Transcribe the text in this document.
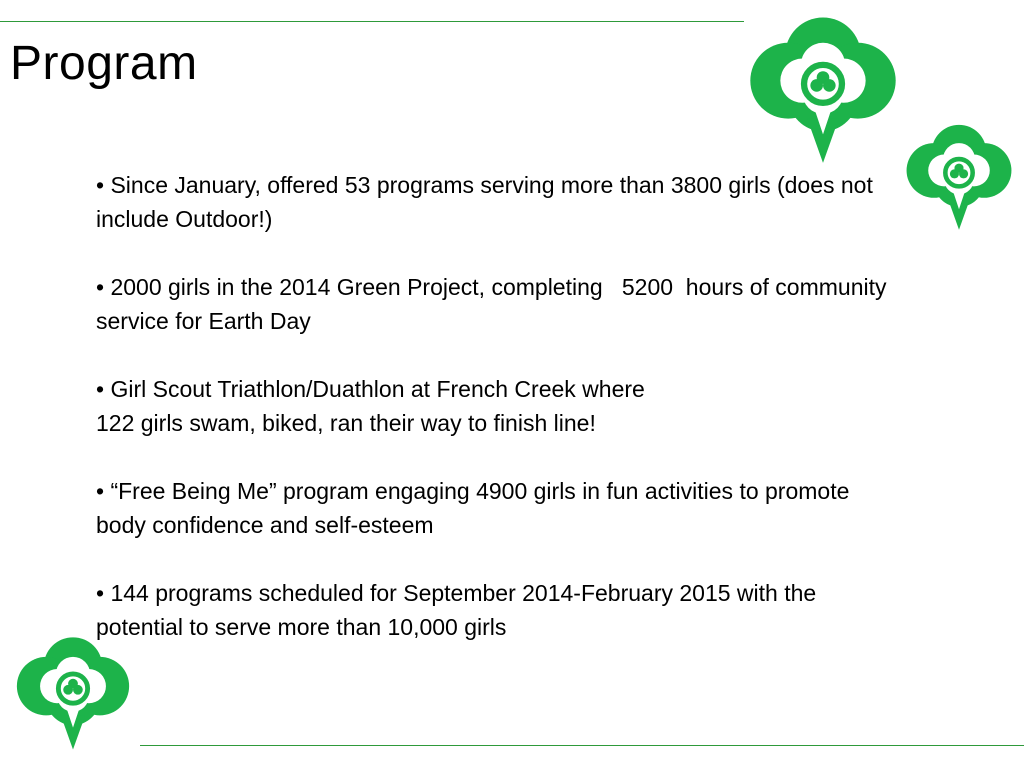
Program
• Since January, offered 53 programs serving more than 3800 girls (does not include Outdoor!)
• 2000 girls in the 2014 Green Project, completing   5200  hours of community service for Earth Day
• Girl Scout Triathlon/Duathlon at French Creek where
122 girls swam, biked, ran their way to finish line!
• “Free Being Me” program engaging 4900 girls in fun activities to promote body confidence and self-esteem
• 144 programs scheduled for September 2014-February 2015 with the potential to serve more than 10,000 girls
